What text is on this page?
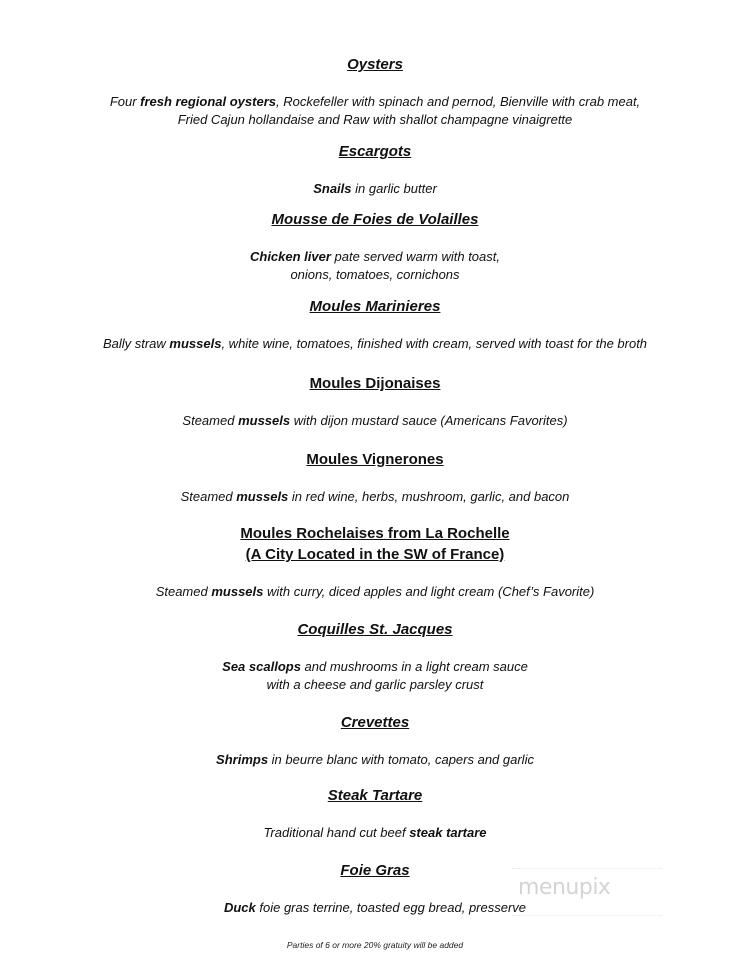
Oysters
Four fresh regional oysters, Rockefeller with spinach and pernod, Bienville with crab meat,
Fried Cajun hollandaise and Raw with shallot champagne vinaigrette
Escargots
Snails in garlic butter
Mousse de Foies de Volailles
Chicken liver pate served warm with toast,
onions, tomatoes, cornichons
Moules Marinieres
Bally straw mussels, white wine, tomatoes, finished with cream, served with toast for the broth
Moules Dijonaises
Steamed mussels with dijon mustard sauce (Americans Favorites)
Moules Vignerones
Steamed mussels in red wine, herbs, mushroom, garlic, and bacon
Moules Rochelaises from La Rochelle
(A City Located in the SW of France)
Steamed mussels with curry, diced apples and light cream (Chef’s Favorite)
Coquilles St. Jacques
Sea scallops and mushrooms in a light cream sauce
with a cheese and garlic parsley crust
Crevettes
Shrimps in beurre blanc with tomato, capers and garlic
Steak Tartare
Traditional hand cut beef steak tartare
Foie Gras
Duck foie gras terrine, toasted egg bread, presserve
menupix
Parties of 6 or more 20% gratuity will be added
